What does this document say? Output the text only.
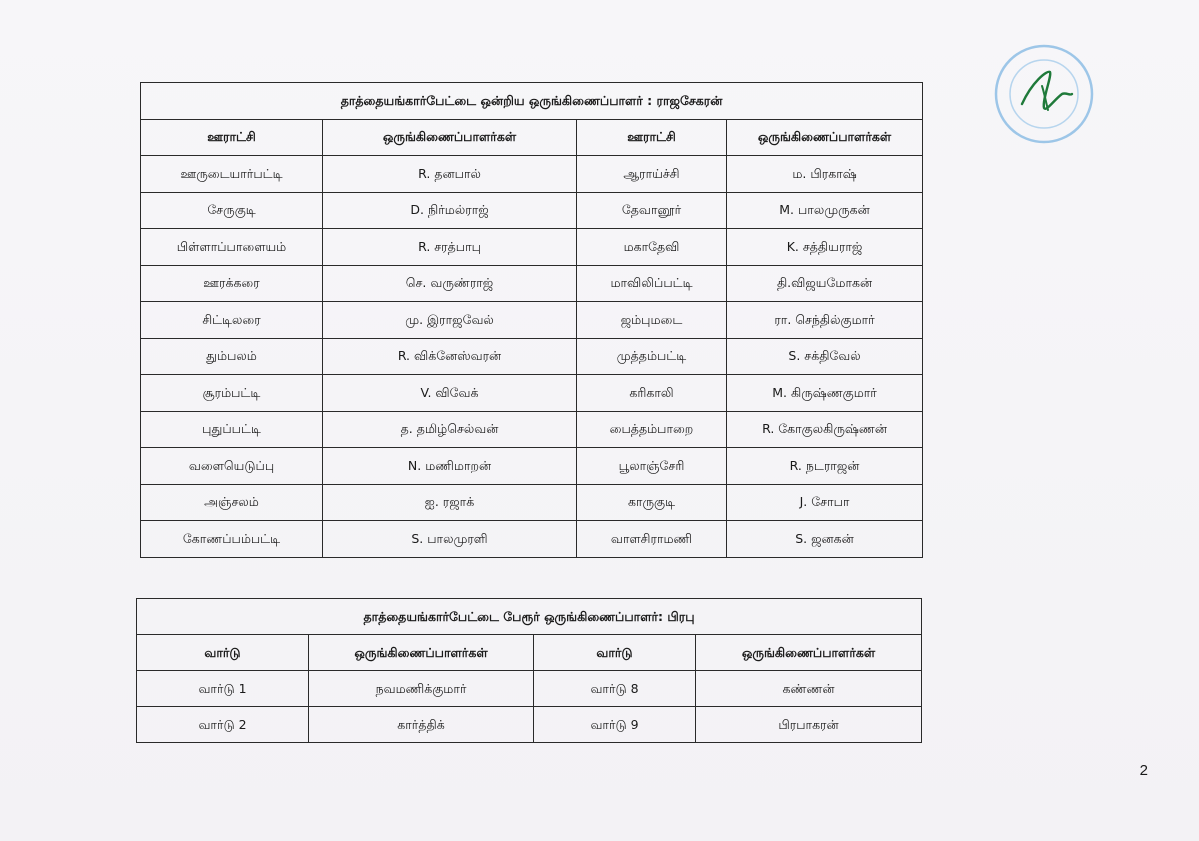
தாத்தையங்கார்பேட்டை ஒன்றிய ஒருங்கிணைப்பாளர் : ராஜசேகரன்			
ஊராட்சி	ஒருங்கிணைப்பாளர்கள்	ஊராட்சி	ஒருங்கிணைப்பாளர்கள்
ஊருடையார்பட்டி	R. தனபால்	ஆராய்ச்சி	ம. பிரகாஷ்
சேருகுடி	D. நிர்மல்ராஜ்	தேவானூர்	M. பாலமுருகன்
பிள்ளாப்பாளையம்	R. சரத்பாபு	மகாதேவி	K. சத்தியராஜ்
ஊரக்கரை	செ. வருண்ராஜ்	மாவிலிப்பட்டி	தி.விஜயமோகன்
சிட்டிலரை	மு. இராஜவேல்	ஜம்புமடை	ரா. செந்தில்குமார்
தும்பலம்	R. விக்னேஸ்வரன்	முத்தம்பட்டி	S. சக்திவேல்
சூரம்பட்டி	V. விவேக்	கரிகாலி	M. கிருஷ்ணகுமார்
புதுப்பட்டி	த. தமிழ்செல்வன்	பைத்தம்பாறை	R. கோகுலகிருஷ்ணன்
வளையெடுப்பு	N. மணிமாறன்	பூலாஞ்சேரி	R. நடராஜன்
அஞ்சலம்	ஐ. ரஜாக்	காருகுடி	J. சோபா
கோணப்பம்பட்டி	S. பாலமுரளி	வாளசிராமணி	S. ஜனகன்
தாத்தையங்கார்பேட்டை பேரூர் ஒருங்கிணைப்பாளர்: பிரபு			
வார்டு	ஒருங்கிணைப்பாளர்கள்	வார்டு	ஒருங்கிணைப்பாளர்கள்
வார்டு 1	நவமணிக்குமார்	வார்டு 8	கண்ணன்
வார்டு 2	கார்த்திக்	வார்டு 9	பிரபாகரன்
2
